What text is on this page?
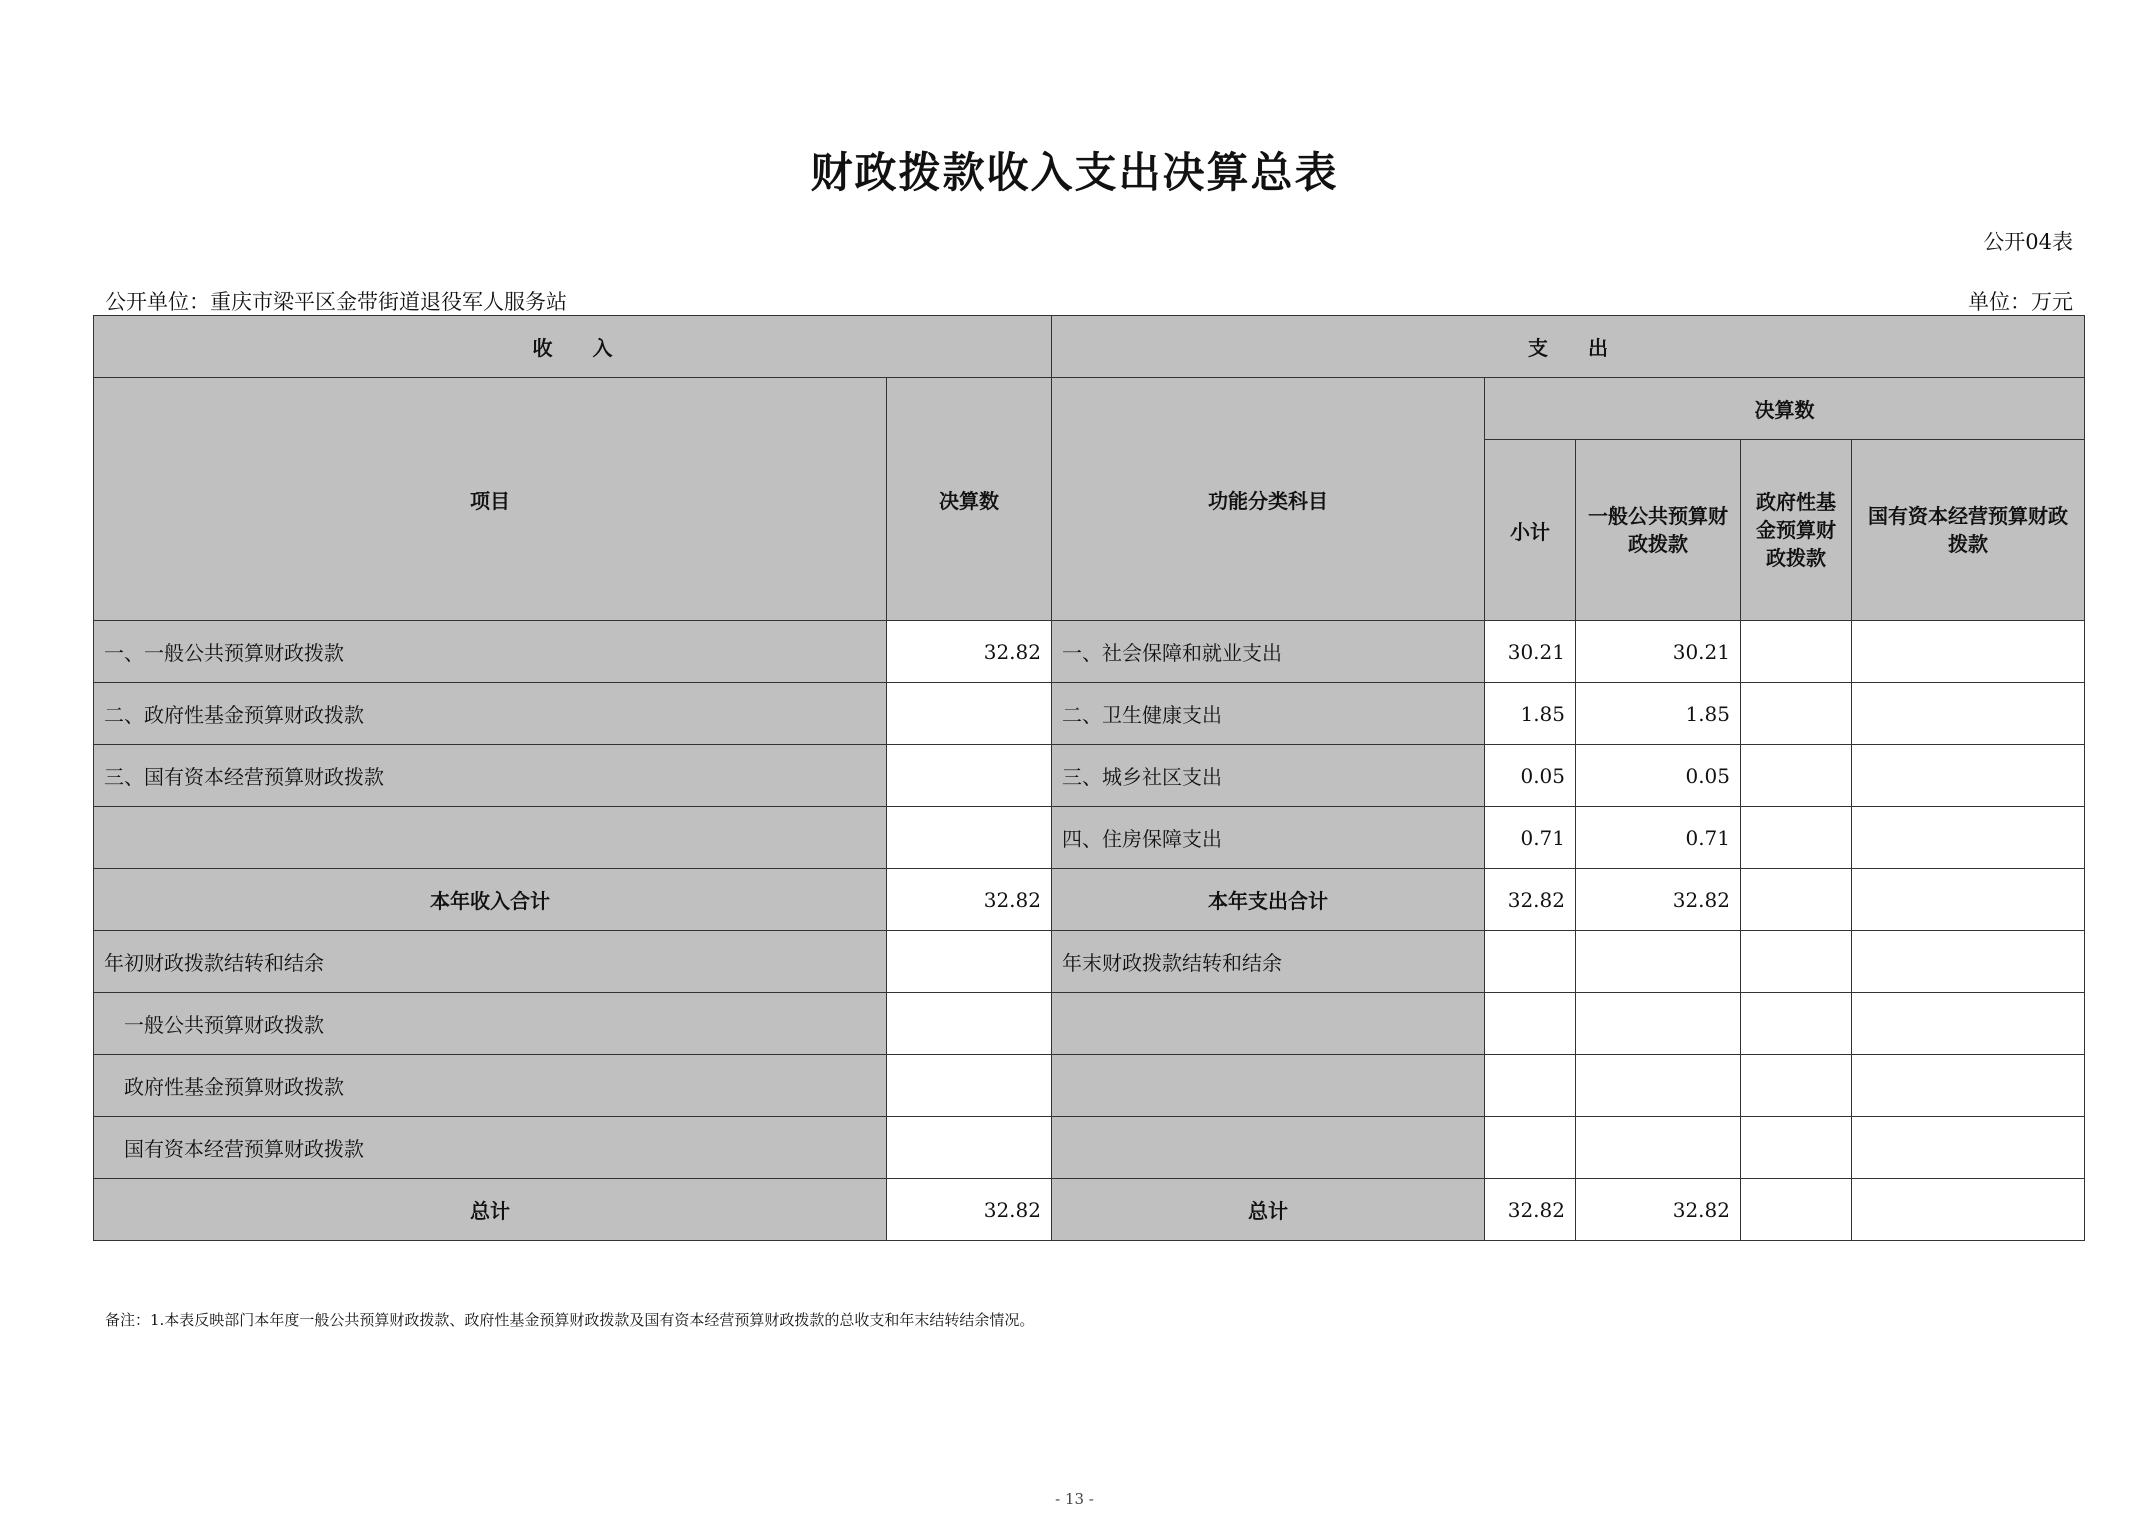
财政拨款收入支出决算总表
公开04表
公开单位：重庆市梁平区金带街道退役军人服务站	单位：万元
收　　入		支　　出				
项目	决算数	功能分类科目	决算数			
			小计	一般公共预算财政拨款	政府性基金预算财政拨款	国有资本经营预算财政拨款
一、一般公共预算财政拨款	32.82	一、社会保障和就业支出	30.21	30.21		
二、政府性基金预算财政拨款		二、卫生健康支出	1.85	1.85		
三、国有资本经营预算财政拨款		三、城乡社区支出	0.05	0.05		
		四、住房保障支出	0.71	0.71		
本年收入合计	32.82	本年支出合计	32.82	32.82		
年初财政拨款结转和结余		年末财政拨款结转和结余				
一般公共预算财政拨款						
政府性基金预算财政拨款						
国有资本经营预算财政拨款						
总计	32.82	总计	32.82	32.82		
备注：1.本表反映部门本年度一般公共预算财政拨款、政府性基金预算财政拨款及国有资本经营预算财政拨款的总收支和年末结转结余情况。
- 13 -
